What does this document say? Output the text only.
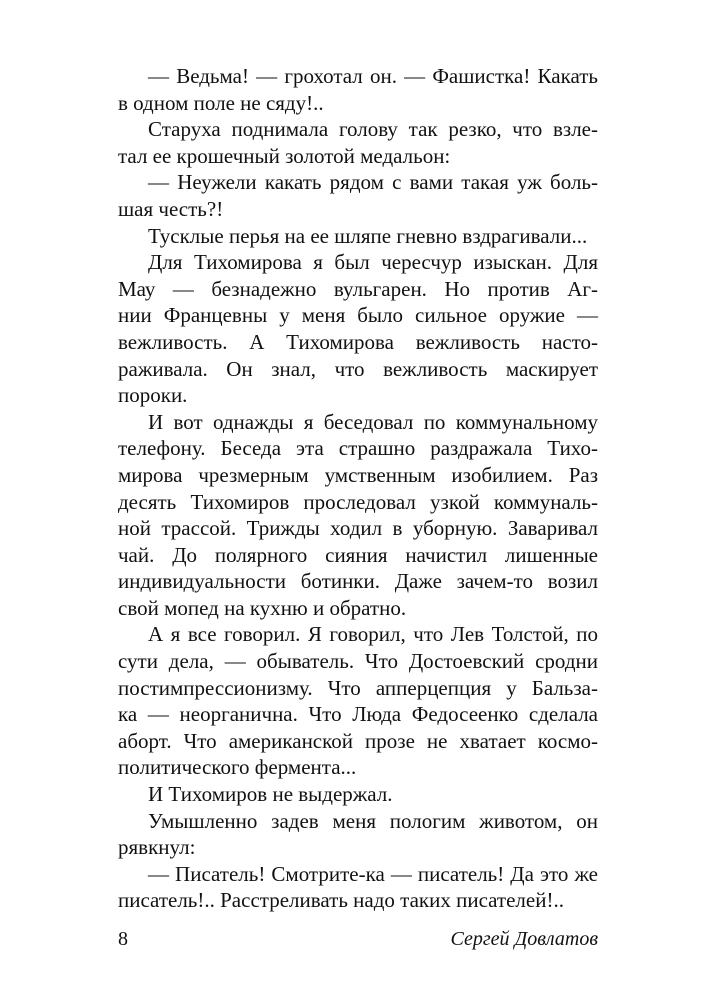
— Ведьма! — грохотал он. — Фашистка! Какать
в одном поле не сяду!..
Старуха поднимала голову так резко, что взле-
тал ее крошечный золотой медальон:
— Неужели какать рядом с вами такая уж боль-
шая честь?!
Тусклые перья на ее шляпе гневно вздрагивали...
Для Тихомирова я был чересчур изыскан. Для
Мау — безнадежно вульгарен. Но против Аг-
нии Францевны у меня было сильное оружие —
вежливость. А Тихомирова вежливость насто-
раживала. Он знал, что вежливость маскирует
пороки.
И вот однажды я беседовал по коммунальному
телефону. Беседа эта страшно раздражала Тихо-
мирова чрезмерным умственным изобилием. Раз
десять Тихомиров проследовал узкой коммуналь-
ной трассой. Трижды ходил в уборную. Заваривал
чай. До полярного сияния начистил лишенные
индивидуальности ботинки. Даже зачем-то возил
свой мопед на кухню и обратно.
А я все говорил. Я говорил, что Лев Толстой, по
сути дела, — обыватель. Что Достоевский сродни
постимпрессионизму. Что апперцепция у Бальза-
ка — неорганична. Что Люда Федосеенко сделала
аборт. Что американской прозе не хватает космо-
политического фермента...
И Тихомиров не выдержал.
Умышленно задев меня пологим животом, он
рявкнул:
— Писатель! Смотрите-ка — писатель! Да это же
писатель!.. Расстреливать надо таких писателей!..
8	Сергей Довлатов
